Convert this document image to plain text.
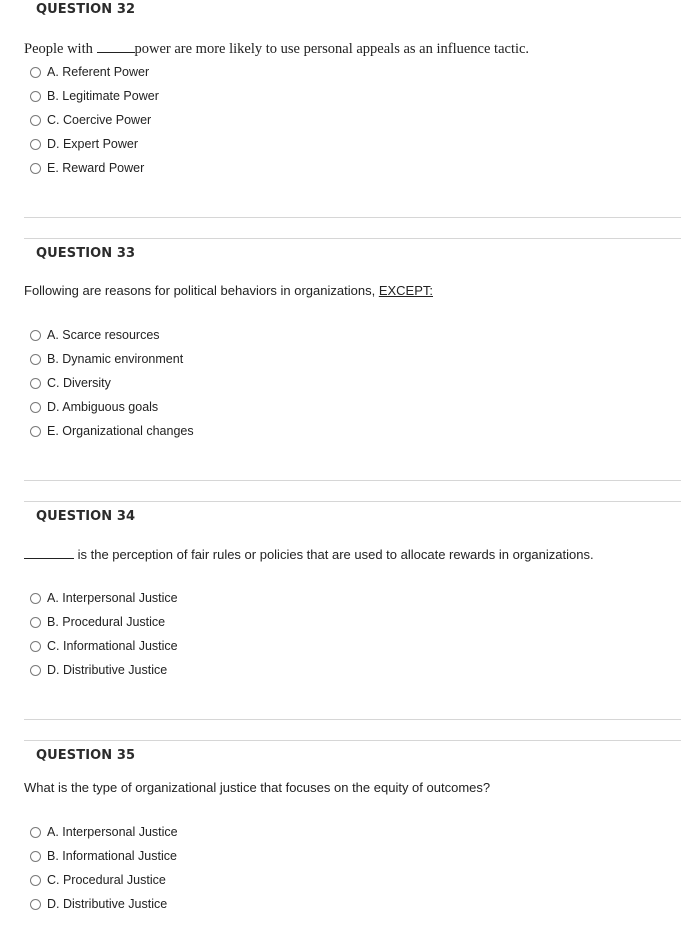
QUESTION 32
People with	power are more likely to use personal appeals as an influence tactic.
A. Referent Power
B. Legitimate Power
C. Coercive Power
D. Expert Power
E. Reward Power
QUESTION 33
Following are reasons for political behaviors in organizations, EXCEPT:
A. Scarce resources
B. Dynamic environment
C. Diversity
D. Ambiguous goals
E. Organizational changes
QUESTION 34
is the perception of fair rules or policies that are used to allocate rewards in organizations.
A. Interpersonal Justice
B. Procedural Justice
C. Informational Justice
D. Distributive Justice
QUESTION 35
What is the type of organizational justice that focuses on the equity of outcomes?
A. Interpersonal Justice
B. Informational Justice
C. Procedural Justice
D. Distributive Justice
